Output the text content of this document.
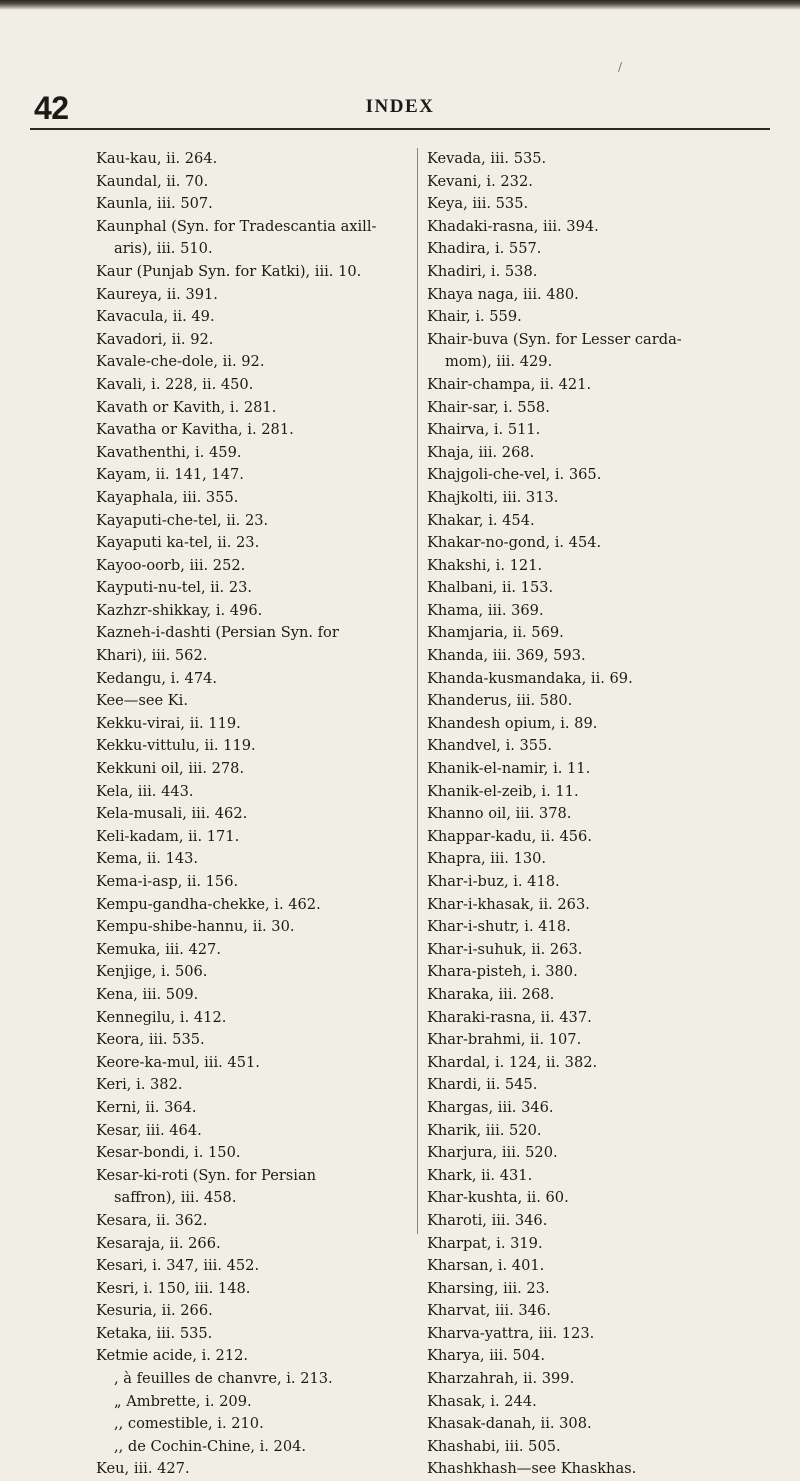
/
42	INDEX
Kau-kau, ii. 264.
Kaundal, ii. 70.
Kaunla, iii. 507.
Kaunphal (Syn. for Tradescantia axill-
aris), iii. 510.
Kaur (Punjab Syn. for Katki), iii. 10.
Kaureya, ii. 391.
Kavacula, ii. 49.
Kavadori, ii. 92.
Kavale-che-dole, ii. 92.
Kavali, i. 228, ii. 450.
Kavath or Kavith, i. 281.
Kavatha or Kavitha, i. 281.
Kavathenthi, i. 459.
Kayam, ii. 141, 147.
Kayaphala, iii. 355.
Kayaputi-che-tel, ii. 23.
Kayaputi ka-tel, ii. 23.
Kayoo-oorb, iii. 252.
Kayputi-nu-tel, ii. 23.
Kazhzr-shikkay, i. 496.
Kazneh-i-dashti (Persian Syn. for
Khari), iii. 562.
Kedangu, i. 474.
Kee—see Ki.
Kekku-virai, ii. 119.
Kekku-vittulu, ii. 119.
Kekkuni oil, iii. 278.
Kela, iii. 443.
Kela-musali, iii. 462.
Keli-kadam, ii. 171.
Kema, ii. 143.
Kema-i-asp, ii. 156.
Kempu-gandha-chekke, i. 462.
Kempu-shibe-hannu, ii. 30.
Kemuka, iii. 427.
Kenjige, i. 506.
Kena, iii. 509.
Kennegilu, i. 412.
Keora, iii. 535.
Keore-ka-mul, iii. 451.
Keri, i. 382.
Kerni, ii. 364.
Kesar, iii. 464.
Kesar-bondi, i. 150.
Kesar-ki-roti (Syn. for Persian
saffron), iii. 458.
Kesara, ii. 362.
Kesaraja, ii. 266.
Kesari, i. 347, iii. 452.
Kesri, i. 150, iii. 148.
Kesuria, ii. 266.
Ketaka, iii. 535.
Ketmie acide, i. 212.
, à feuilles de chanvre, i. 213.
„ Ambrette, i. 209.
,, comestible, i. 210.
,, de Cochin-Chine, i. 204.
Keu, iii. 427.
Kevada, iii. 535.
Kevani, i. 232.
Keya, iii. 535.
Khadaki-rasna, iii. 394.
Khadira, i. 557.
Khadiri, i. 538.
Khaya naga, iii. 480.
Khair, i. 559.
Khair-buva (Syn. for Lesser carda-
mom), iii. 429.
Khair-champa, ii. 421.
Khair-sar, i. 558.
Khairva, i. 511.
Khaja, iii. 268.
Khajgoli-che-vel, i. 365.
Khajkolti, iii. 313.
Khakar, i. 454.
Khakar-no-gond, i. 454.
Khakshi, i. 121.
Khalbani, ii. 153.
Khama, iii. 369.
Khamjaria, ii. 569.
Khanda, iii. 369, 593.
Khanda-kusmandaka, ii. 69.
Khanderus, iii. 580.
Khandesh opium, i. 89.
Khandvel, i. 355.
Khanik-el-namir, i. 11.
Khanik-el-zeib, i. 11.
Khanno oil, iii. 378.
Khappar-kadu, ii. 456.
Khapra, iii. 130.
Khar-i-buz, i. 418.
Khar-i-khasak, ii. 263.
Khar-i-shutr, i. 418.
Khar-i-suhuk, ii. 263.
Khara-pisteh, i. 380.
Kharaka, iii. 268.
Kharaki-rasna, ii. 437.
Khar-brahmi, ii. 107.
Khardal, i. 124, ii. 382.
Khardi, ii. 545.
Khargas, iii. 346.
Kharik, iii. 520.
Kharjura, iii. 520.
Khark, ii. 431.
Khar-kushta, ii. 60.
Kharoti, iii. 346.
Kharpat, i. 319.
Kharsan, i. 401.
Kharsing, iii. 23.
Kharvat, iii. 346.
Kharva-yattra, iii. 123.
Kharya, iii. 504.
Kharzahrah, ii. 399.
Khasak, i. 244.
Khasak-danah, ii. 308.
Khashabi, iii. 505.
Khashkhash—see Khaskhas.
